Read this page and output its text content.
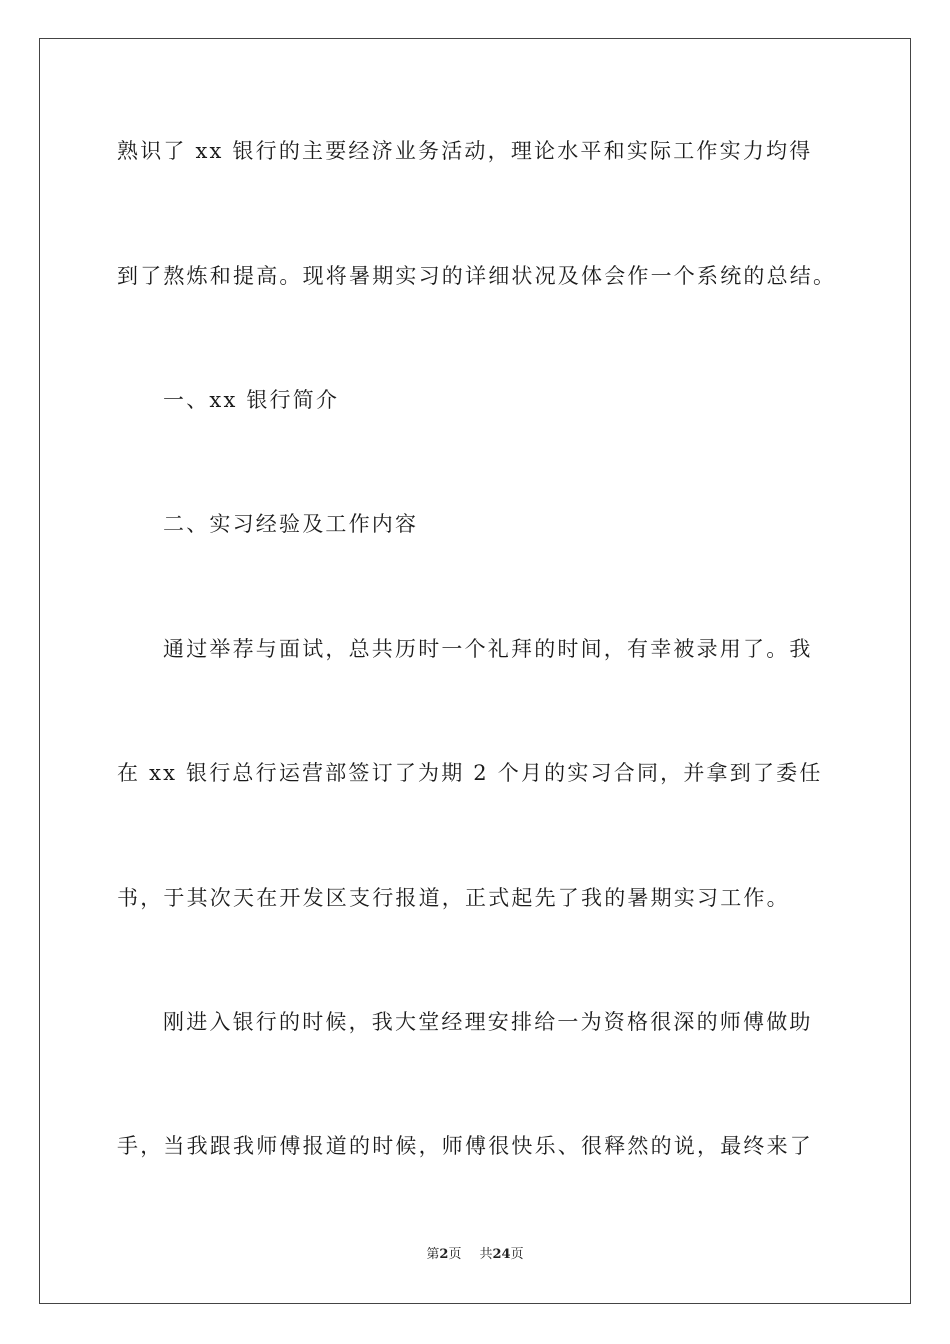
熟识了 xx 银行的主要经济业务活动，理论水平和实际工作实力均得
到了熬炼和提高。现将暑期实习的详细状况及体会作一个系统的总结。
一、xx 银行简介
二、实习经验及工作内容
通过举荐与面试，总共历时一个礼拜的时间，有幸被录用了。我
在 xx 银行总行运营部签订了为期 2 个月的实习合同，并拿到了委任
书，于其次天在开发区支行报道，正式起先了我的暑期实习工作。
刚进入银行的时候，我大堂经理安排给一为资格很深的师傅做助
手，当我跟我师傅报道的时候，师傅很快乐、很释然的说，最终来了
第2页 共24页
